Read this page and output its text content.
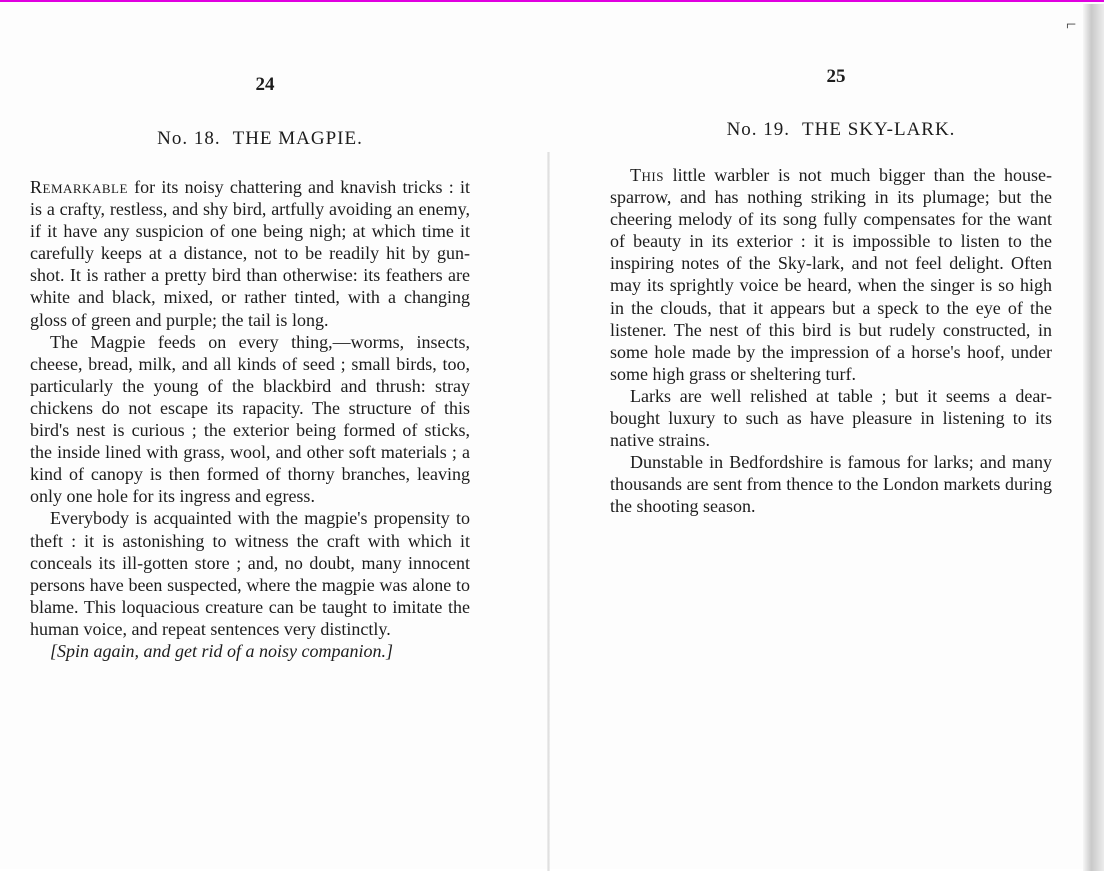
⌐

24

No. 18. THE MAGPIE.

Remarkable for its noisy chattering and knavish tricks : it is a crafty, restless, and shy bird, artfully avoiding an enemy, if it have any suspicion of one being nigh; at which time it carefully keeps at a distance, not to be readily hit by gun-shot. It is rather a pretty bird than otherwise: its feathers are white and black, mixed, or rather tinted, with a changing gloss of green and purple; the tail is long.

The Magpie feeds on every thing,—worms, insects, cheese, bread, milk, and all kinds of seed ; small birds, too, particularly the young of the blackbird and thrush: stray chickens do not escape its rapacity. The structure of this bird's nest is curious ; the exterior being formed of sticks, the inside lined with grass, wool, and other soft materials ; a kind of canopy is then formed of thorny branches, leaving only one hole for its ingress and egress.

Everybody is acquainted with the magpie's propensity to theft : it is astonishing to witness the craft with which it conceals its ill-gotten store ; and, no doubt, many innocent persons have been suspected, where the magpie was alone to blame. This loquacious creature can be taught to imitate the human voice, and repeat sentences very distinctly.

[Spin again, and get rid of a noisy companion.]

25

No. 19. THE SKY-LARK.

This little warbler is not much bigger than the house-sparrow, and has nothing striking in its plumage; but the cheering melody of its song fully compensates for the want of beauty in its exterior : it is impossible to listen to the inspiring notes of the Sky-lark, and not feel delight. Often may its sprightly voice be heard, when the singer is so high in the clouds, that it appears but a speck to the eye of the listener. The nest of this bird is but rudely constructed, in some hole made by the impression of a horse's hoof, under some high grass or sheltering turf.

Larks are well relished at table ; but it seems a dear-bought luxury to such as have pleasure in listening to its native strains.

Dunstable in Bedfordshire is famous for larks; and many thousands are sent from thence to the London markets during the shooting season.
